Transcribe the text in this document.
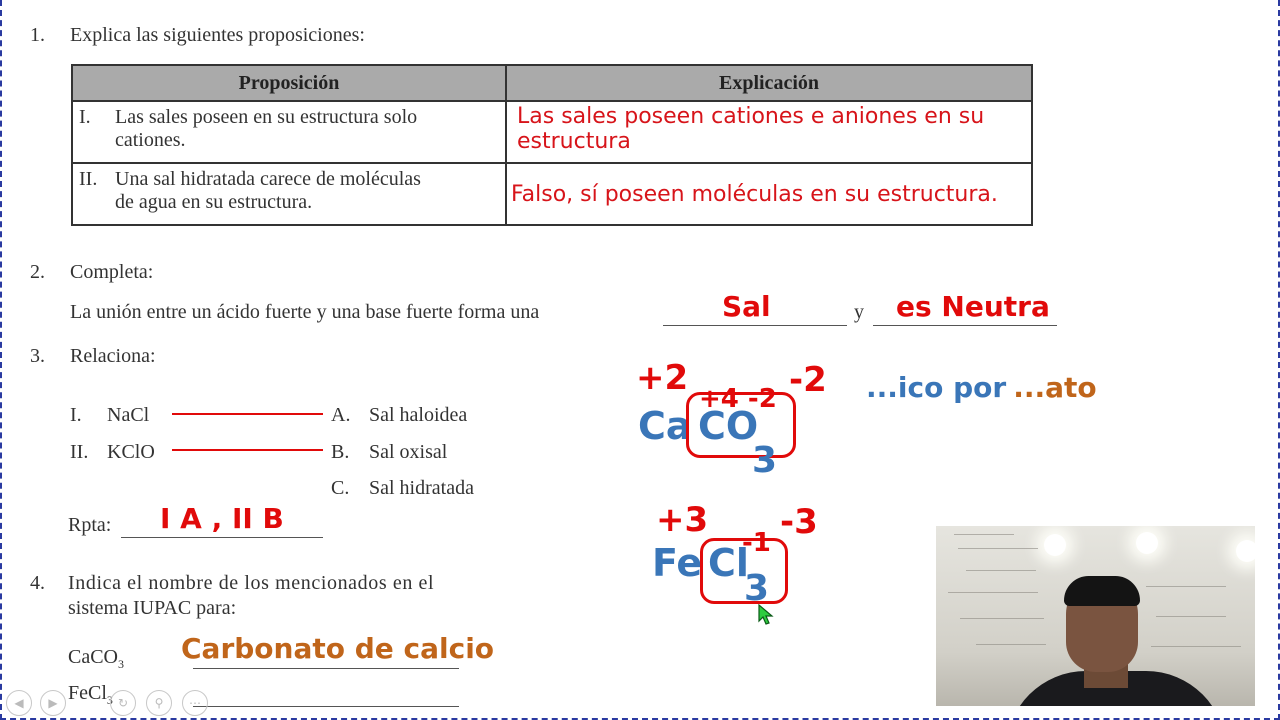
1. Explica las siguientes proposiciones:
Proposición	Explicación
I. Las sales poseen en su estructura solo
cationes.	Las sales poseen cationes e aniones en su
estructura
II. Una sal hidratada carece de moléculas
de agua en su estructura.	Falso, sí poseen moléculas en su estructura.
2. Completa:
La unión entre un ácido fuerte y una base fuerte forma una	y
Sal	es Neutra
3. Relaciona:
I. NaCl
II. KClO
A. Sal haloidea
B. Sal oxisal
C. Sal hidratada
Rpta: I A , II B
4. Indica el nombre de los mencionados en el
sistema IUPAC para:
CaCO$_3$ Carbonato de calcio
FeCl$_3$
+2	-2
+4 -2
Ca CO
3
...ico por ...ato
+3 -3
-1
Fe Cl
3
◀	▶	↻	⚲	⋯
